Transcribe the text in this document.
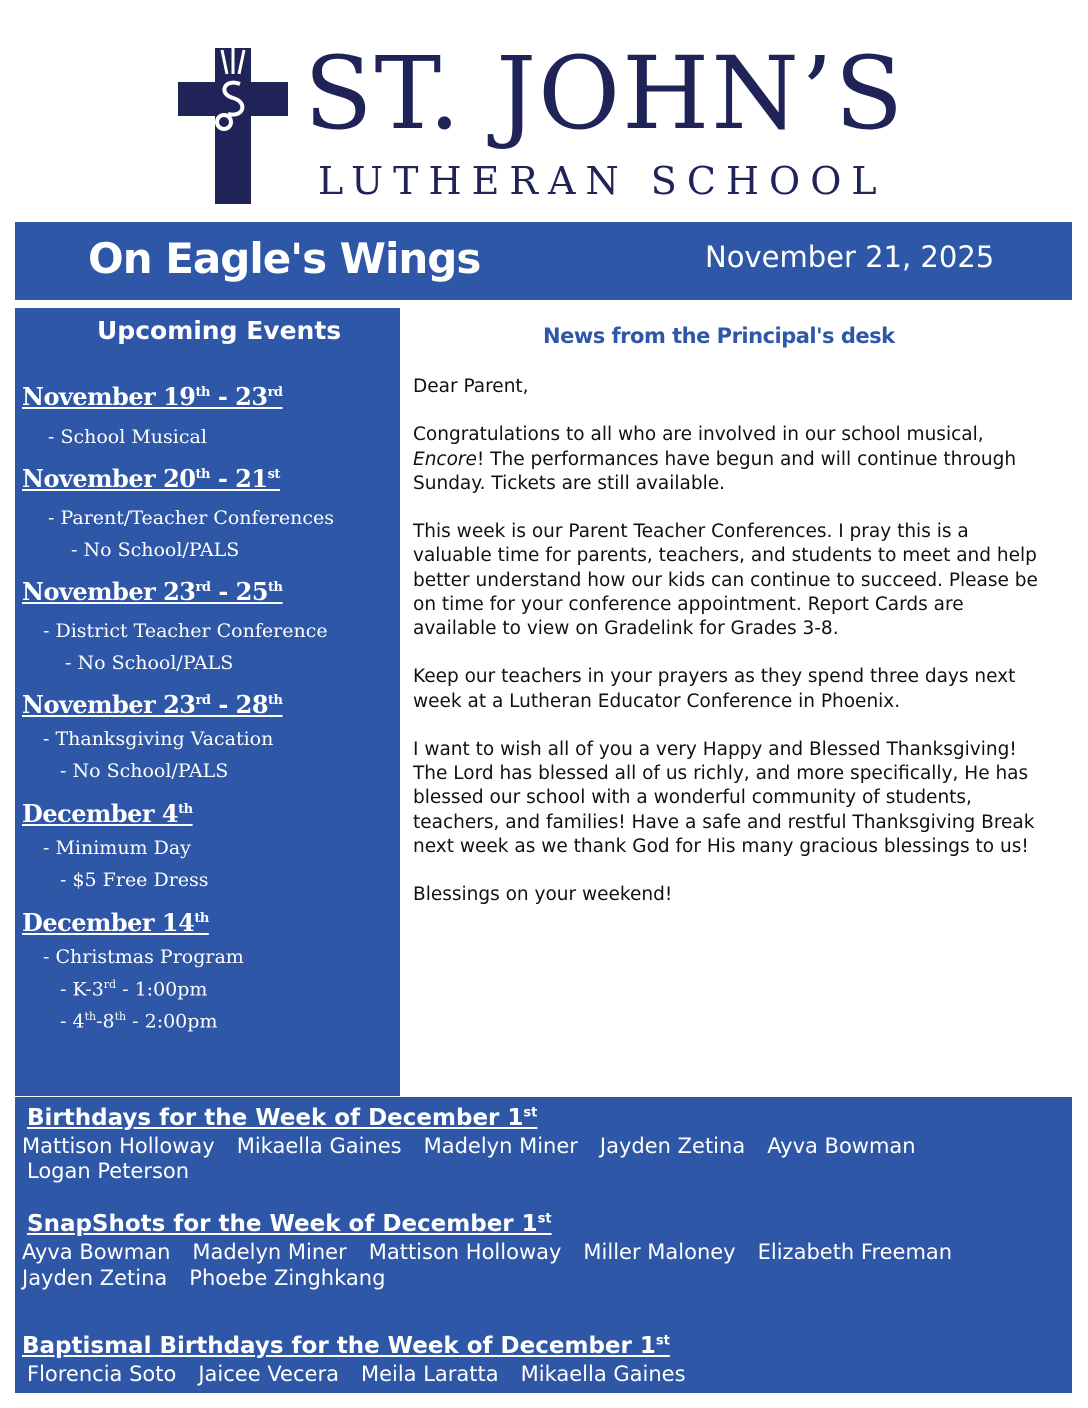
ST. JOHN’S
LUTHERAN SCHOOL
On Eagle's Wings	November 21, 2025
Upcoming Events
November 19th - 23rd
- School Musical
November 20th - 21st
- Parent/Teacher Conferences
- No School/PALS
November 23rd - 25th
- District Teacher Conference
- No School/PALS
November 23rd - 28th
- Thanksgiving Vacation
- No School/PALS
December 4th
- Minimum Day
- $5 Free Dress
December 14th
- Christmas Program
- K-3rd - 1:00pm
- 4th-8th - 2:00pm
News from the Principal's desk

Dear Parent,

Congratulations to all who are involved in our school musical, Encore! The performances have begun and will continue through Sunday. Tickets are still available.

This week is our Parent Teacher Conferences. I pray this is a valuable time for parents, teachers, and students to meet and help better understand how our kids can continue to succeed. Please be on time for your conference appointment. Report Cards are available to view on Gradelink for Grades 3-8.

Keep our teachers in your prayers as they spend three days next week at a Lutheran Educator Conference in Phoenix.

I want to wish all of you a very Happy and Blessed Thanksgiving! The Lord has blessed all of us richly, and more specifically, He has blessed our school with a wonderful community of students, teachers, and families! Have a safe and restful Thanksgiving Break next week as we thank God for His many gracious blessings to us!

Blessings on your weekend!

Birthdays for the Week of December 1st
Mattison Holloway Mikaella Gaines Madelyn Miner Jayden Zetina Ayva Bowman
Logan Peterson
SnapShots for the Week of December 1st
Ayva Bowman Madelyn Miner Mattison Holloway Miller Maloney Elizabeth Freeman
Jayden Zetina Phoebe Zinghkang
Baptismal Birthdays for the Week of December 1st
Florencia Soto Jaicee Vecera Meila Laratta Mikaella Gaines
